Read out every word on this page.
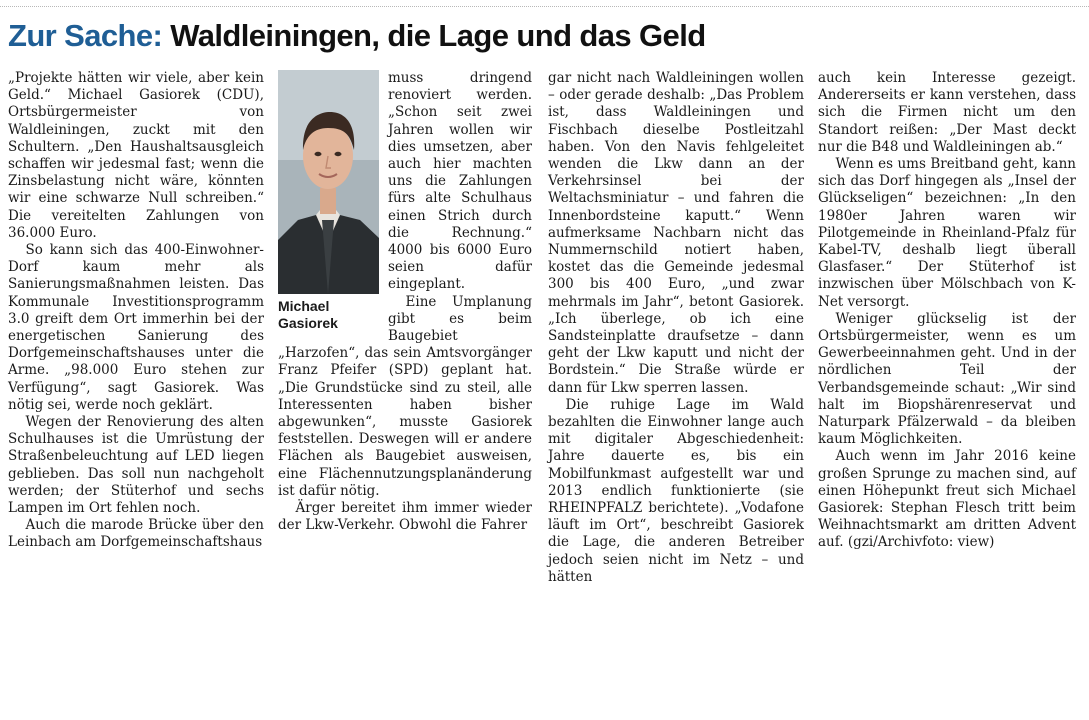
Zur Sache: Waldleiningen, die Lage und das Geld

„Projekte hätten wir viele, aber kein Geld.“ Michael Gasiorek (CDU), Ortsbürgermeister von Waldleiningen, zuckt mit den Schultern. „Den Haushaltsausgleich schaffen wir jedesmal fast; wenn die Zinsbelastung nicht wäre, könnten wir eine schwarze Null schreiben.“ Die vereitelten Zahlungen von 36.000 Euro.

So kann sich das 400-Einwohner-Dorf kaum mehr als Sanierungsmaßnahmen leisten. Das Kommunale Investitionsprogramm 3.0 greift dem Ort immerhin bei der energetischen Sanierung des Dorfgemeinschaftshauses unter die Arme. „98.000 Euro stehen zur Verfügung“, sagt Gasiorek. Was nötig sei, werde noch geklärt.

Wegen der Renovierung des alten Schulhauses ist die Umrüstung der Straßenbeleuchtung auf LED liegen geblieben. Das soll nun nachgeholt werden; der Stüterhof und sechs Lampen im Ort fehlen noch.

Auch die marode Brücke über den Leinbach am Dorfgemeinschaftshaus

Michael
Gasiorek

muss dringend renoviert werden. „Schon seit zwei Jahren wollen wir dies umsetzen, aber auch hier machten uns die Zahlungen fürs alte Schulhaus einen Strich durch die Rechnung.“ 4000 bis 6000 Euro seien dafür eingeplant.

Eine Umplanung gibt es beim Baugebiet „Harzofen“, das sein Amtsvorgänger Franz Pfeifer (SPD) geplant hat. „Die Grundstücke sind zu steil, alle Interessenten haben bisher abgewunken“, musste Gasiorek feststellen. Deswegen will er andere Flächen als Baugebiet ausweisen, eine Flächennutzungsplanänderung ist dafür nötig.

Ärger bereitet ihm immer wieder der Lkw-Verkehr. Obwohl die Fahrer

gar nicht nach Waldleiningen wollen – oder gerade deshalb: „Das Problem ist, dass Waldleiningen und Fischbach dieselbe Postleitzahl haben. Von den Navis fehlgeleitet wenden die Lkw dann an der Verkehrsinsel bei der Weltachsminiatur – und fahren die Innenbordsteine kaputt.“ Wenn aufmerksame Nachbarn nicht das Nummernschild notiert haben, kostet das die Gemeinde jedesmal 300 bis 400 Euro, „und zwar mehrmals im Jahr“, betont Gasiorek. „Ich überlege, ob ich eine Sandsteinplatte draufsetze – dann geht der Lkw kaputt und nicht der Bordstein.“ Die Straße würde er dann für Lkw sperren lassen.

Die ruhige Lage im Wald bezahlten die Einwohner lange auch mit digitaler Abgeschiedenheit: Jahre dauerte es, bis ein Mobilfunkmast aufgestellt war und 2013 endlich funktionierte (sie RHEINPFALZ berichtete). „Vodafone läuft im Ort“, beschreibt Gasiorek die Lage, die anderen Betreiber jedoch seien nicht im Netz – und hätten

auch kein Interesse gezeigt. Andererseits er kann verstehen, dass sich die Firmen nicht um den Standort reißen: „Der Mast deckt nur die B48 und Waldleiningen ab.“

Wenn es ums Breitband geht, kann sich das Dorf hingegen als „Insel der Glückseligen“ bezeichnen: „In den 1980er Jahren waren wir Pilotgemeinde in Rheinland-Pfalz für Kabel-TV, deshalb liegt überall Glasfaser.“ Der Stüterhof ist inzwischen über Mölschbach von K-Net versorgt.

Weniger glückselig ist der Ortsbürgermeister, wenn es um Gewerbeeinnahmen geht. Und in der nördlichen Teil der Verbandsgemeinde schaut: „Wir sind halt im Biopshärenreservat und Naturpark Pfälzerwald – da bleiben kaum Möglichkeiten.

Auch wenn im Jahr 2016 keine großen Sprunge zu machen sind, auf einen Höhepunkt freut sich Michael Gasiorek: Stephan Flesch tritt beim Weihnachtsmarkt am dritten Advent auf. (gzi/Archivfoto: view)
